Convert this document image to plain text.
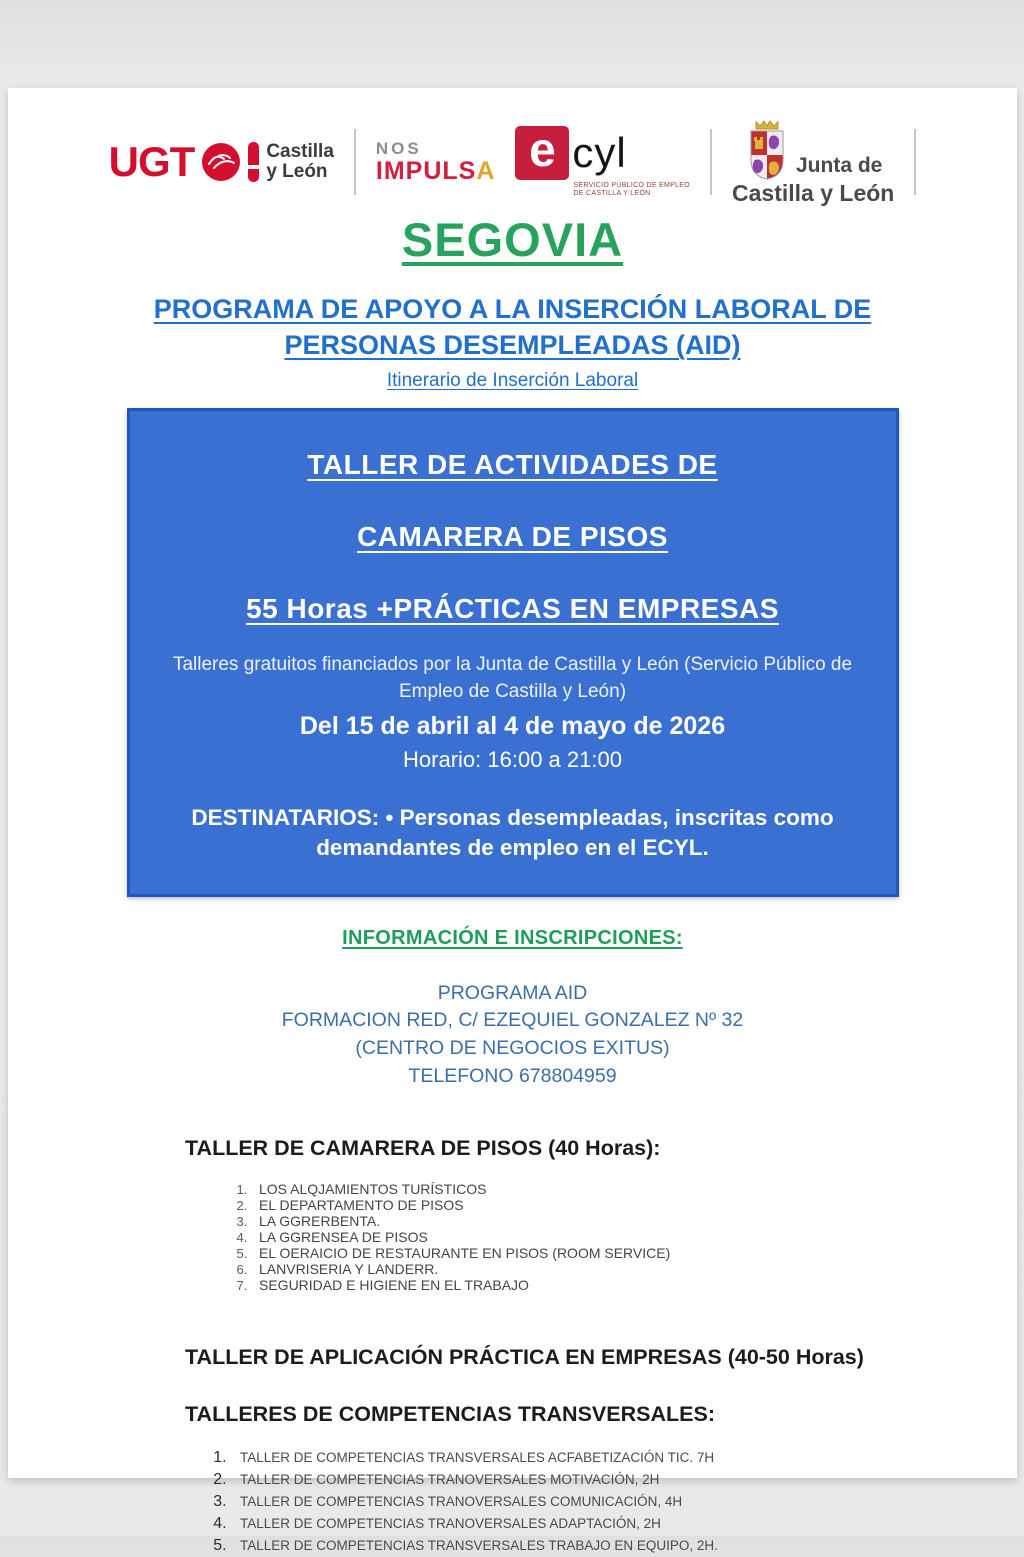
UGT	Castilla
y León
NOS
IMPULSA e cyl
SERVICIO PÚBLICO DE EMPLEO
DE CASTILLA Y LEÓN
Junta de
Castilla y León
SEGOVIA
PROGRAMA DE APOYO A LA INSERCIÓN LABORAL DE
PERSONAS DESEMPLEADAS (AID)
Itinerario de Inserción Laboral
TALLER DE ACTIVIDADES DE
CAMARERA DE PISOS
55 Horas +PRÁCTICAS EN EMPRESAS
Talleres gratuitos financiados por la Junta de Castilla y León (Servicio Público de
Empleo de Castilla y León)
Del 15 de abril al 4 de mayo de 2026
Horario: 16:00 a 21:00
DESTINATARIOS: • Personas desempleadas, inscritas como demandantes de empleo en el ECYL.
INFORMACIÓN E INSCRIPCIONES:
PROGRAMA AID
FORMACION RED, C/ EZEQUIEL GONZALEZ Nº 32
(CENTRO DE NEGOCIOS EXITUS)
TELEFONO 678804959
TALLER DE CAMARERA DE PISOS (40 Horas):
1. LOS ALQJAMIENTOS TURÍSTICOS
2. EL DEPARTAMENTO DE PISOS
3. LA GGRERBENTA.
4. LA GGRENSEA DE PISOS
5. EL OERAICIO DE RESTAURANTE EN PISOS (ROOM SERVICE)
6. LANVRISERIA Y LANDERR.
7. SEGURIDAD E HIGIENE EN EL TRABAJO
TALLER DE APLICACIÓN PRÁCTICA EN EMPRESAS (40-50 Horas)
TALLERES DE COMPETENCIAS TRANSVERSALES:
1. TALLER DE COMPETENCIAS TRANSVERSALES ACFABETIZACIÓN TIC. 7H
2. TALLER DE COMPETENCIAS TRANOVERSALES MOTIVACIÓN, 2H
3. TALLER DE COMPETENCIAS TRANOVERSALES COMUNICACIÓN, 4H
4. TALLER DE COMPETENCIAS TRANOVERSALES ADAPTACIÓN, 2H
5. TALLER DE COMPETENCIAS TRANSVERSALES TRABAJO EN EQUIPO, 2H.
